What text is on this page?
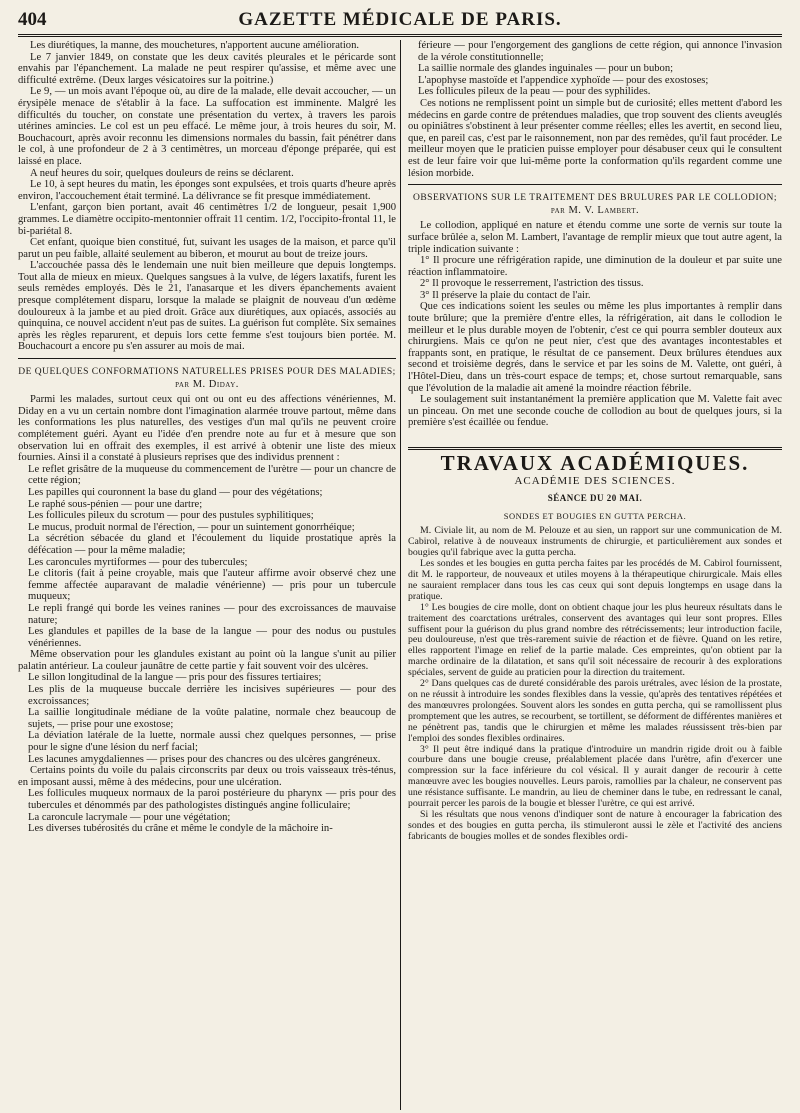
404	GAZETTE MÉDICALE DE PARIS.

Les diurétiques, la manne, des mouchetures, n'apportent aucune amélioration.

Le 7 janvier 1849, on constate que les deux cavités pleurales et le péricarde sont envahis par l'épanchement. La malade ne peut respirer qu'assise, et même avec une difficulté extrême. (Deux larges vésicatoires sur la poitrine.)

Le 9, — un mois avant l'époque où, au dire de la malade, elle devait accoucher, — un érysipèle menace de s'établir à la face. La suffocation est imminente. Malgré les difficultés du toucher, on constate une présentation du vertex, à travers les parois utérines amincies. Le col est un peu effacé. Le même jour, à trois heures du soir, M. Bouchacourt, après avoir reconnu les dimensions normales du bassin, fait pénétrer dans le col, à une profondeur de 2 à 3 centimètres, un morceau d'éponge préparée, qui est laissé en place.

A neuf heures du soir, quelques douleurs de reins se déclarent.

Le 10, à sept heures du matin, les éponges sont expulsées, et trois quarts d'heure après environ, l'accouchement était terminé. La délivrance se fit presque immédiatement.

L'enfant, garçon bien portant, avait 46 centimètres 1/2 de longueur, pesait 1,900 grammes. Le diamètre occipito-mentonnier offrait 11 centim. 1/2, l'occipito-frontal 11, le bi-pariétal 8.

Cet enfant, quoique bien constitué, fut, suivant les usages de la maison, et parce qu'il parut un peu faible, allaité seulement au biberon, et mourut au bout de treize jours.

L'accouchée passa dès le lendemain une nuit bien meilleure que depuis longtemps. Tout alla de mieux en mieux. Quelques sangsues à la vulve, de légers laxatifs, furent les seuls remèdes employés. Dès le 21, l'anasarque et les divers épanchements avaient presque complétement disparu, lorsque la malade se plaignit de nouveau d'un œdème douloureux à la jambe et au pied droit. Grâce aux diurétiques, aux opiacés, associés au quinquina, ce nouvel accident n'eut pas de suites. La guérison fut complète. Six semaines après les règles reparurent, et depuis lors cette femme s'est toujours bien portée. M. Bouchacourt a encore pu s'en assurer au mois de mai.

DE QUELQUES CONFORMATIONS NATURELLES PRISES POUR DES MALADIES;
par M. Diday.

Parmi les malades, surtout ceux qui ont ou ont eu des affections vénériennes, M. Diday en a vu un certain nombre dont l'imagination alarmée trouve partout, même dans les conformations les plus naturelles, des vestiges d'un mal qu'ils ne peuvent croire complétement guéri. Ayant eu l'idée d'en prendre note au fur et à mesure que son observation lui en offrait des exemples, il est arrivé à obtenir une liste des mieux fournies. Ainsi il a constaté à plusieurs reprises que des individus prennent :

Le reflet grisâtre de la muqueuse du commencement de l'urètre — pour un chancre de cette région;

Les papilles qui couronnent la base du gland — pour des végétations;

Le raphé sous-pénien — pour une dartre;

Les follicules pileux du scrotum — pour des pustules syphilitiques;

Le mucus, produit normal de l'érection, — pour un suintement gonorrhéique;

La sécrétion sébacée du gland et l'écoulement du liquide prostatique après la défécation — pour la même maladie;

Les caroncules myrtiformes — pour des tubercules;

Le clitoris (fait à peine croyable, mais que l'auteur affirme avoir observé chez une femme affectée auparavant de maladie vénérienne) — pris pour un tubercule muqueux;

Le repli frangé qui borde les veines ranines — pour des excroissances de mauvaise nature;

Les glandules et papilles de la base de la langue — pour des nodus ou pustules vénériennes.

Même observation pour les glandules existant au point où la langue s'unit au pilier palatin antérieur. La couleur jaunâtre de cette partie y fait souvent voir des ulcères.

Le sillon longitudinal de la langue — pris pour des fissures tertiaires;

Les plis de la muqueuse buccale derrière les incisives supérieures — pour des excroissances;

La saillie longitudinale médiane de la voûte palatine, normale chez beaucoup de sujets, — prise pour une exostose;

La déviation latérale de la luette, normale aussi chez quelques personnes, — prise pour le signe d'une lésion du nerf facial;

Les lacunes amygdaliennes — prises pour des chancres ou des ulcères gangréneux.

Certains points du voile du palais circonscrits par deux ou trois vaisseaux très-ténus, en imposant aussi, même à des médecins, pour une ulcération.

Les follicules muqueux normaux de la paroi postérieure du pharynx — pris pour des tubercules et dénommés par des pathologistes distingués angine folliculaire;

La caroncule lacrymale — pour une végétation;

Les diverses tubérosités du crâne et même le condyle de la mâchoire in-

férieure — pour l'engorgement des ganglions de cette région, qui annonce l'invasion de la vérole constitutionnelle;

La saillie normale des glandes inguinales — pour un bubon;

L'apophyse mastoïde et l'appendice xyphoïde — pour des exostoses;

Les follicules pileux de la peau — pour des syphilides.

Ces notions ne remplissent point un simple but de curiosité; elles mettent d'abord les médecins en garde contre de prétendues maladies, que trop souvent des clients aveuglés ou opiniâtres s'obstinent à leur présenter comme réelles; elles les avertit, en second lieu, que, en pareil cas, c'est par le raisonnement, non par des remèdes, qu'il faut procéder. Le meilleur moyen que le praticien puisse employer pour désabuser ceux qui le consultent est de leur faire voir que lui-même porte la conformation qu'ils regardent comme une lésion morbide.

OBSERVATIONS SUR LE TRAITEMENT DES BRULURES PAR LE COLLODION;
par M. V. Lambert.

Le collodion, appliqué en nature et étendu comme une sorte de vernis sur toute la surface brûlée a, selon M. Lambert, l'avantage de remplir mieux que tout autre agent, la triple indication suivante :

1° Il procure une réfrigération rapide, une diminution de la douleur et par suite une réaction inflammatoire.

2° Il provoque le resserrement, l'astriction des tissus.

3° Il préserve la plaie du contact de l'air.

Que ces indications soient les seules ou même les plus importantes à remplir dans toute brûlure; que la première d'entre elles, la réfrigération, ait dans le collodion le meilleur et le plus durable moyen de l'obtenir, c'est ce qui pourra sembler douteux aux chirurgiens. Mais ce qu'on ne peut nier, c'est que des avantages incontestables et frappants sont, en pratique, le résultat de ce pansement. Deux brûlures étendues aux second et troisième degrés, dans le service et par les soins de M. Valette, ont guéri, à l'Hôtel-Dieu, dans un très-court espace de temps; et, chose surtout remarquable, sans que l'évolution de la maladie ait amené la moindre réaction fébrile.

Le soulagement suit instantanément la première application que M. Valette fait avec un pinceau. On met une seconde couche de collodion au bout de quelques jours, si la première s'est écaillée ou fendue.

TRAVAUX ACADÉMIQUES.
ACADÉMIE DES SCIENCES.
SÉANCE DU 20 MAI.
SONDES ET BOUGIES EN GUTTA PERCHA.

M. Civiale lit, au nom de M. Pelouze et au sien, un rapport sur une communication de M. Cabirol, relative à de nouveaux instruments de chirurgie, et particulièrement aux sondes et bougies qu'il fabrique avec la gutta percha.

Les sondes et les bougies en gutta percha faites par les procédés de M. Cabirol fournissent, dit M. le rapporteur, de nouveaux et utiles moyens à la thérapeutique chirurgicale. Mais elles ne sauraient remplacer dans tous les cas ceux qui sont depuis longtemps en usage dans la pratique.

1° Les bougies de cire molle, dont on obtient chaque jour les plus heureux résultats dans le traitement des coarctations urétrales, conservent des avantages qui leur sont propres. Elles suffisent pour la guérison du plus grand nombre des rétrécissements; leur introduction facile, peu douloureuse, n'est que très-rarement suivie de réaction et de fièvre. Quand on les retire, elles rapportent l'image en relief de la partie malade. Ces empreintes, qu'on obtient par la marche ordinaire de la dilatation, et sans qu'il soit nécessaire de recourir à des explorations spéciales, servent de guide au praticien pour la direction du traitement.

2° Dans quelques cas de dureté considérable des parois urétrales, avec lésion de la prostate, on ne réussit à introduire les sondes flexibles dans la vessie, qu'après des tentatives répétées et des manœuvres prolongées. Souvent alors les sondes en gutta percha, qui se ramollissent plus promptement que les autres, se recourbent, se tortillent, se déforment de différentes manières et ne pénètrent pas, tandis que le chirurgien et même les malades réussissent très-bien par l'emploi des sondes flexibles ordinaires.

3° Il peut être indiqué dans la pratique d'introduire un mandrin rigide droit ou à faible courbure dans une bougie creuse, préalablement placée dans l'urètre, afin d'exercer une compression sur la face inférieure du col vésical. Il y aurait danger de recourir à cette manœuvre avec les bougies nouvelles. Leurs parois, ramollies par la chaleur, ne conservent pas une résistance suffisante. Le mandrin, au lieu de cheminer dans le tube, en redressant le canal, pourrait percer les parois de la bougie et blesser l'urètre, ce qui est arrivé.

Si les résultats que nous venons d'indiquer sont de nature à encourager la fabrication des sondes et des bougies en gutta percha, ils stimuleront aussi le zèle et l'activité des anciens fabricants de bougies molles et de sondes flexibles ordi-
